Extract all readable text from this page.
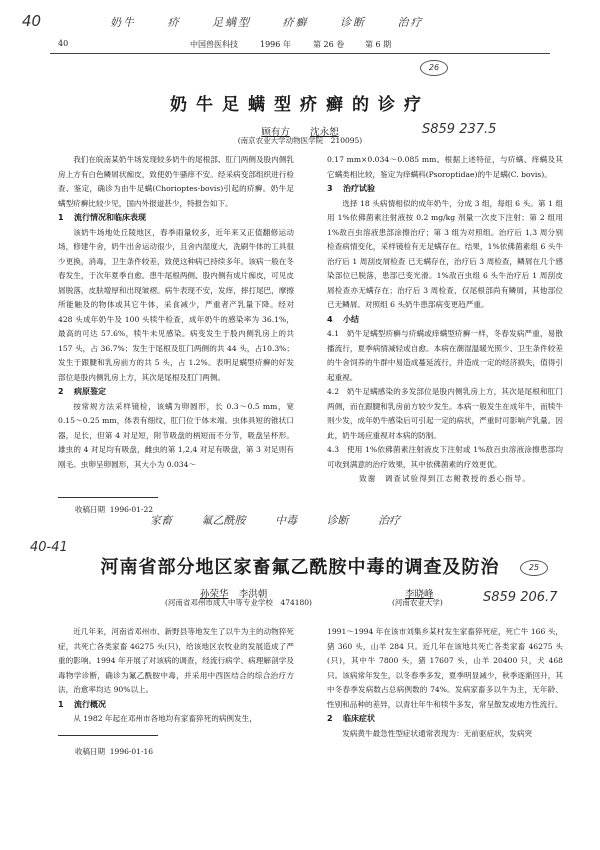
40	奶牛	疥	足螨型	疥癣	诊断	治疗
40	中国兽医科技	1996 年	第 26 卷	第 6 期
奶牛足螨型疥癣的诊疗
26
顾有方 沈永恕
(南京农业大学动物医学院　210095)
S859 237.5

我们在皖南某奶牛场发现较多奶牛的尾根部、肛门两侧及股内侧乳房上方有白色鳞屑状痂皮，致使奶牛骚痒不安。经采病变部组织进行检查、鉴定，确诊为由牛足螨(Chorioptes-bovis)引起的疥癣。奶牛足螨型疥癣比较少见，国内外报道甚少，特报告如下。

1 流行情况和临床表现

该奶牛场地处丘陵地区，春季雨量较多，近年来又正值翻修运动场，修建牛舍，奶牛出舍运动很少，且舍内湿度大，洗刷牛体的工具很少更换，消毒，卫生条件较差，致使这种病已持续多年。该病一般在冬春发生，于次年夏季自愈。患牛尾根两侧、股内侧有成片痂皮，可见皮屑脱落，皮肤增厚和出现皱褶。病牛表现不安，发痒，摔打尾巴，摩擦所能触及的物体或其它牛体，采食减少，严重者产乳量下降。经对 428 头成年奶牛及 100 头犊牛检查，成年奶牛的感染率为 36.1%，最高的可达 57.6%，犊牛未见感染。病变发生于股内侧乳房上的共 157 头，占 36.7%；发生于尾根及肛门两侧的共 44 头，占10.3%；发生于跟腱和乳房前方的共 5 头，占 1.2%。表明足螨型疥癣的好发部位是股内侧乳房上方，其次是尾根及肛门两侧。

2 病原鉴定

按常规方法采样镜检，该螨为卵圆形，长 0.3～0.5 mm，宽 0.15～0.25 mm，体表有细纹，肛门位于体末端。虫体具短的锥状口器，足长，但第 4 对足短，附节吸盘的柄短而不分节，吸盘呈杯形。雄虫的 4 对足均有吸盘，雌虫的第 1,2,4 对足有吸盘，第 3 对足则有刚毛。虫卵呈卵圆形，其大小为 0.034～

收稿日期 1996-01-22

0.17 mm×0.034～0.085 mm。根据上述特征，与疥螨、痒螨及其它螨类相比较，鉴定为痒螨科(Psoroptidae)的牛足螨(C. bovis)。

3 治疗试验

选择 18 头病情相似的成年奶牛，分成 3 组，每组 6 头。第 1 组用 1%依佛菌素注射液按 0.2 mg/kg 剂量一次皮下注射；第 2 组用 1%敌百虫溶液患部涂擦治疗；第 3 组为对照组。治疗后 1,3 周分别检查病情变化，采样镜检有无足螨存在。结果，1%依佛菌素组 6 头牛治疗后 1 周刮皮屑检查 已无螨存在，治疗后 3 周检查，鳞屑在几个感染部位已脱落，患部已变光滑。1%敌百虫组 6 头牛治疗后 1 周刮皮屑检查亦无螨存在；治疗后 3 周检查，仅尾根部尚有鳞屑，其他部位已无鳞屑。对照组 6 头奶牛患部病变更趋严重。

4 小结

4.1　奶牛足螨型疥癣与疥螨或痒螨型疥癣一样，冬春发病严重，易散播流行，夏季病情减轻或自愈。本病在潮湿温暖光照少、卫生条件较差的牛舍饲养的牛群中易造成蔓延流行，并造成一定的经济损失，值得引起重视。

4.2　奶牛足螨感染的多发部位是股内侧乳房上方，其次是尾根和肛门两侧，而在跟腱和乳房前方较少发生。本病一般发生在成年牛，而犊牛则少发，成年奶牛感染后可引起一定的病状，严重时可影响产乳量。因此，奶牛场应重视对本病的防制。

4.3　使用 1%依佛菌素注射液皮下注射或 1%敌百虫溶液涂擦患部均可收到满意的治疗效果，其中依佛菌素的疗效更优。

致谢　调查试验得到江志鲋教授的悉心指导。

家畜	氟乙酰胺	中毒	诊断	治疗
40-41
河南省部分地区家畜氟乙酰胺中毒的调查及防治	25
孙荣华 李洪朝
(河南省邓州市成人中等专业学校　474180)
李晓峰
(河南农业大学)	S859 206.7

近几年来，河南省邓州市、新野县等地发生了以牛为主的动物猝死症，共死亡各类家畜 46275 头(只)，给该地区农牧业的发展造成了严重的影响。1994 年开展了对该病的调查，经流行病学、病理解剖学及毒物学诊断，确诊为氟乙酰胺中毒，并采用中西医结合的综合治疗方法，治愈率均达 90%以上。

1 流行概况

从 1982 年起在邓州市各地均有家畜猝死的病例发生，

收稿日期 1996-01-16

1991～1994 年在该市刘集乡某村发生家畜猝死症，死亡牛 166 头，猪 360 头，山羊 284 只。近几年在该地共死亡各类家畜 46275 头(只)，其中牛 7800 头，猪 17607 头，山羊 20400 只，犬 468 只。该病常年发生，以冬春季多发，夏季明显减少，秋季逐渐回升，其中冬春季发病数占总病例数的 74%。发病家畜多以牛为主，无年龄、性别和品种的差异，以青壮年牛和犊牛多发，常呈散发或地方性流行。

2 临床症状

发病黄牛最急性型症状通常表现为：无前驱症状，发病突
